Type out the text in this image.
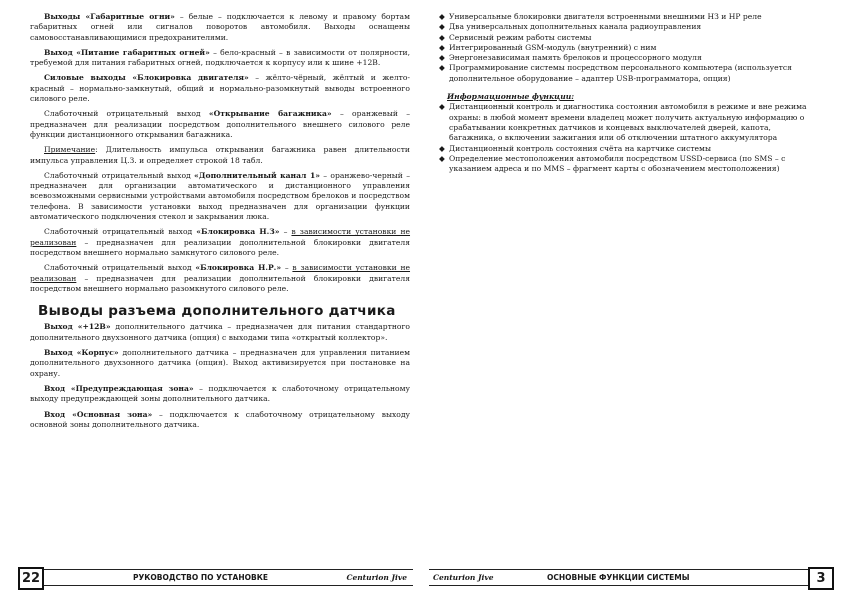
Выходы «Габаритные огни» – белые – подключается к левому и правому бортам габаритных огней или сигналов поворотов автомобиля. Выходы оснащены самовосстанавливающимися предохранителями.

Выход «Питание габаритных огней» – бело-красный – в зависимости от полярности, требуемой для питания габаритных огней, подключается к корпусу или к шине +12В.

Силовые выходы «Блокировка двигателя» – жёлто-чёрный, жёлтый и желто-красный – нормально-замкнутый, общий и нормально-разомкнутый выводы встроенного силового реле.

Слаботочный отрицательный выход «Открывание багажника» – оранжевый – предназначен для реализации посредством дополнительного внешнего силового реле функции дистанционного открывания багажника.

Примечание: Длительность импульса открывания багажника равен длительности импульса управления Ц.З. и определяет строкой 18 табл.

Слаботочный отрицательный выход «Дополнительный канал 1» – оранжево-черный – предназначен для организации автоматического и дистанционного управления всевозможными сервисными устройствами автомобиля посредством брелоков и посредством телефона. В зависимости установки выход предназначен для организации функции автоматического подключения стекол и закрывания люка.

Слаботочный отрицательный выход «Блокировка Н.З» – в зависимости установки не реализован – предназначен для реализации дополнительной блокировки двигателя посредством внешнего нормально замкнутого силового реле.

Слаботочный отрицательный выход «Блокировка Н.Р.» – в зависимости установки не реализован – предназначен для реализации дополнительной блокировки двигателя посредством внешнего нормально разомкнутого силового реле.

Выводы разъема дополнительного датчика

Выход «+12В» дополнительного датчика – предназначен для питания стандартного дополнительного двухзонного датчика (опция) с выходами типа «открытый коллектор».

Выход «Корпус» дополнительного датчика – предназначен для управления питанием дополнительного двухзонного датчика (опция). Выход активизируется при постановке на охрану.

Вход «Предупреждающая зона» – подключается к слаботочному отрицательному выходу предупреждающей зоны дополнительного датчика.

Вход «Основная зона» – подключается к слаботочному отрицательному выходу основной зоны дополнительного датчика.

22	РУКОВОДСТВО ПО УСТАНОВКЕ	Centurion Jive
◆ Универсальные блокировки двигателя встроенными внешними НЗ и НР реле
◆ Два универсальных дополнительных канала радиоуправления
◆ Сервисный режим работы системы
◆ Интегрированный GSM-модуль (внутренний) с ним
◆ Энергонезависимая память брелоков и процессорного модуля
◆ Программирование системы посредством персонального компьютера (используется дополнительное оборудование – адаптер USB-программатора, опция)

Информационные функции:

◆ Дистанционный контроль и диагностика состояния автомобиля в режиме и вне режима охраны: в любой момент времени владелец может получить актуальную информацию о срабатывании конкретных датчиков и концевых выключателей дверей, капота, багажника, о включении зажигания или об отключении штатного аккумулятора
◆ Дистанционный контроль состояния счёта на картчике системы
◆ Определение местоположения автомобиля посредством USSD-сервиса (по SMS – с указанием адреса и по MMS – фрагмент карты с обозначением местоположения)
Centurion Jive	ОСНОВНЫЕ ФУНКЦИИ СИСТЕМЫ	3
